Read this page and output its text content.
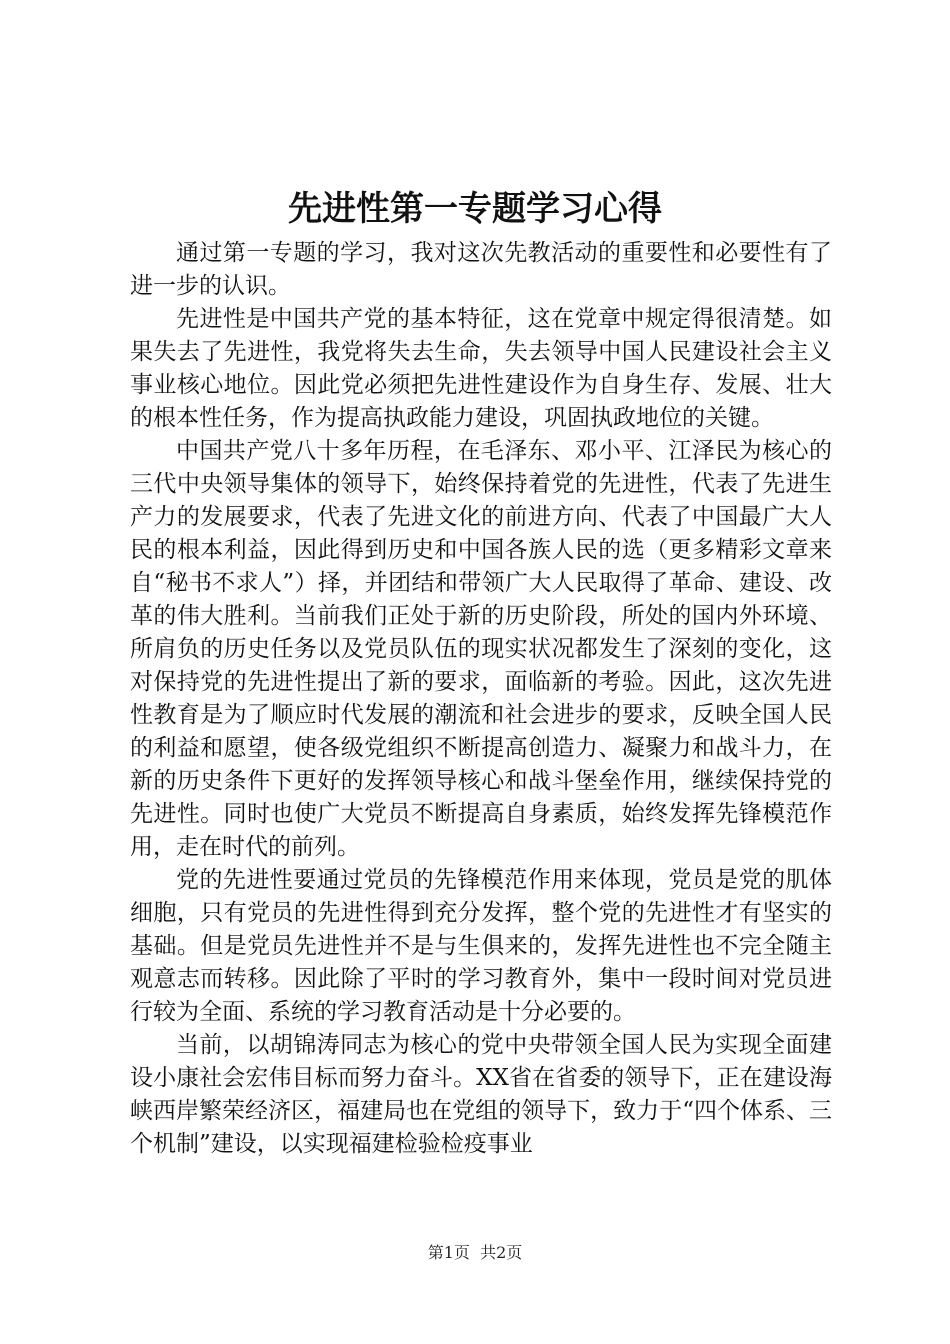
先进性第一专题学习心得

通过第一专题的学习，我对这次先教活动的重要性和必要性有了进一步的认识。

先进性是中国共产党的基本特征，这在党章中规定得很清楚。如果失去了先进性，我党将失去生命，失去领导中国人民建设社会主义事业核心地位。因此党必须把先进性建设作为自身生存、发展、壮大的根本性任务，作为提高执政能力建设，巩固执政地位的关键。

中国共产党八十多年历程，在毛泽东、邓小平、江泽民为核心的三代中央领导集体的领导下，始终保持着党的先进性，代表了先进生产力的发展要求，代表了先进文化的前进方向、代表了中国最广大人民的根本利益，因此得到历史和中国各族人民的选（更多精彩文章来自“秘书不求人”）择，并团结和带领广大人民取得了革命、建设、改革的伟大胜利。当前我们正处于新的历史阶段，所处的国内外环境、所肩负的历史任务以及党员队伍的现实状况都发生了深刻的变化，这对保持党的先进性提出了新的要求，面临新的考验。因此，这次先进性教育是为了顺应时代发展的潮流和社会进步的要求，反映全国人民的利益和愿望，使各级党组织不断提高创造力、凝聚力和战斗力，在新的历史条件下更好的发挥领导核心和战斗堡垒作用，继续保持党的先进性。同时也使广大党员不断提高自身素质，始终发挥先锋模范作用，走在时代的前列。

党的先进性要通过党员的先锋模范作用来体现，党员是党的肌体细胞，只有党员的先进性得到充分发挥，整个党的先进性才有坚实的基础。但是党员先进性并不是与生俱来的，发挥先进性也不完全随主观意志而转移。因此除了平时的学习教育外，集中一段时间对党员进行较为全面、系统的学习教育活动是十分必要的。

当前，以胡锦涛同志为核心的党中央带领全国人民为实现全面建设小康社会宏伟目标而努力奋斗。XX省在省委的领导下，正在建设海峡西岸繁荣经济区，福建局也在党组的领导下，致力于“四个体系、三个机制”建设，以实现福建检验检疫事业

第1页 共2页
